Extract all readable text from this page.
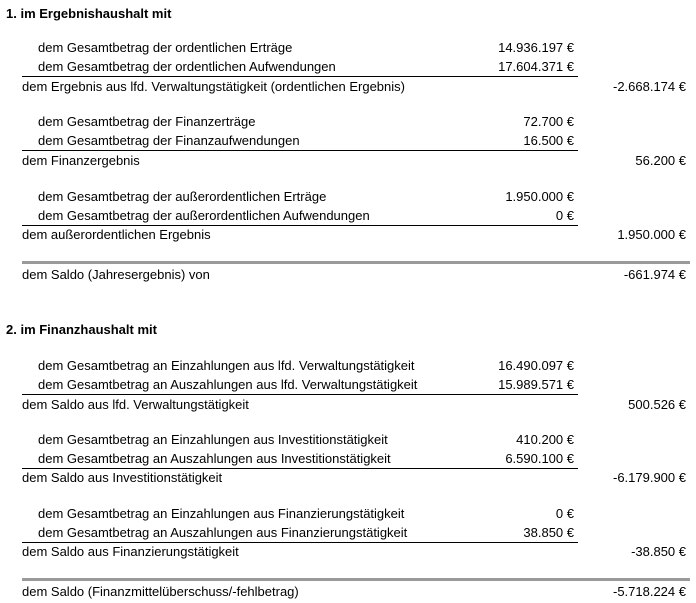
1. im Ergebnishaushalt mit
dem Gesamtbetrag der ordentlichen Erträge	14.936.197 €
dem Gesamtbetrag der ordentlichen Aufwendungen	17.604.371 €
dem Ergebnis aus lfd. Verwaltungstätigkeit (ordentlichen Ergebnis)	-2.668.174 €
dem Gesamtbetrag der Finanzerträge	72.700 €
dem Gesamtbetrag der Finanzaufwendungen	16.500 €
dem Finanzergebnis	56.200 €
dem Gesamtbetrag der außerordentlichen Erträge	1.950.000 €
dem Gesamtbetrag der außerordentlichen Aufwendungen	0 €
dem außerordentlichen Ergebnis	1.950.000 €
dem Saldo (Jahresergebnis) von	-661.974 €
2. im Finanzhaushalt mit
dem Gesamtbetrag an Einzahlungen aus lfd. Verwaltungstätigkeit	16.490.097 €
dem Gesamtbetrag an Auszahlungen aus lfd. Verwaltungstätigkeit	15.989.571 €
dem Saldo aus lfd. Verwaltungstätigkeit	500.526 €
dem Gesamtbetrag an Einzahlungen aus Investitionstätigkeit	410.200 €
dem Gesamtbetrag an Auszahlungen aus Investitionstätigkeit	6.590.100 €
dem Saldo aus Investitionstätigkeit	-6.179.900 €
dem Gesamtbetrag an Einzahlungen aus Finanzierungstätigkeit	0 €
dem Gesamtbetrag an Auszahlungen aus Finanzierungstätigkeit	38.850 €
dem Saldo aus Finanzierungstätigkeit	-38.850 €
dem Saldo (Finanzmittelüberschuss/-fehlbetrag)	-5.718.224 €
